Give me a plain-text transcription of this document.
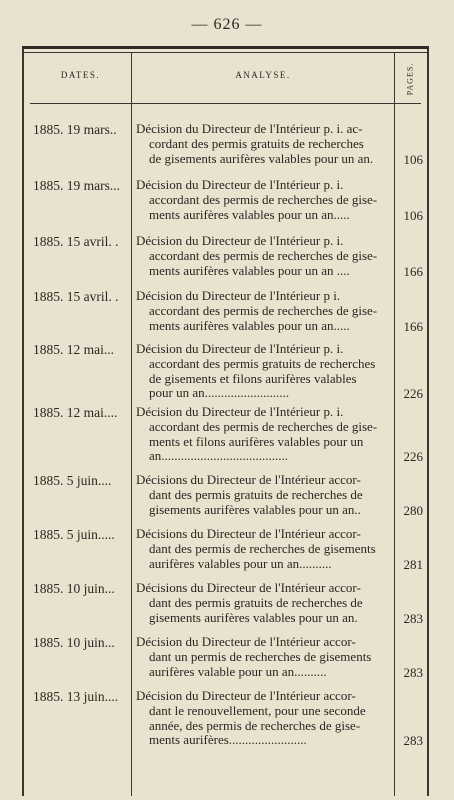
— 626 —
DATES.	ANALYSE.	PAGES.
1885. 19 mars..	Décision du Directeur de l'Intérieur p. i. ac-
cordant des permis gratuits de recherches
de gisements aurifères valables pour un an.	106
1885. 19 mars...	Décision du Directeur de l'Intérieur p. i.
accordant des permis de recherches de gise-
ments aurifères valables pour un an.....	106
1885. 15 avril. .	Décision du Directeur de l'Intérieur p. i.
accordant des permis de recherches de gise-
ments aurifères valables pour un an ....	166
1885. 15 avril. .	Décision du Directeur de l'Intérieur p i.
accordant des permis de recherches de gise-
ments aurifères valables pour un an.....	166
1885. 12 mai...	Décision du Directeur de l'Intérieur p. i.
accordant des permis gratuits de recherches
de gisements et filons aurifères valables
pour un an..........................	226
1885. 12 mai....	Décision du Directeur de l'Intérieur p. i.
accordant des permis de recherches de gise-
ments et filons aurifères valables pour un
an.......................................	226
1885. 5 juin....	Décisions du Directeur de l'Intérieur accor-
dant des permis gratuits de recherches de
gisements aurifères valables pour un an..	280
1885. 5 juin.....	Décisions du Directeur de l'Intérieur accor-
dant des permis de recherches de gisements
aurifères valables pour un an..........	281
1885. 10 juin...	Décisions du Directeur de l'Intérieur accor-
dant des permis gratuits de recherches de
gisements aurifères valables pour un an.	283
1885. 10 juin...	Décision du Directeur de l'Intérieur accor-
dant un permis de recherches de gisements
aurifères valable pour un an..........	283
1885. 13 juin....	Décision du Directeur de l'Intérieur accor-
dant le renouvellement, pour une seconde
année, des permis de recherches de gise-
ments aurifères........................	283
